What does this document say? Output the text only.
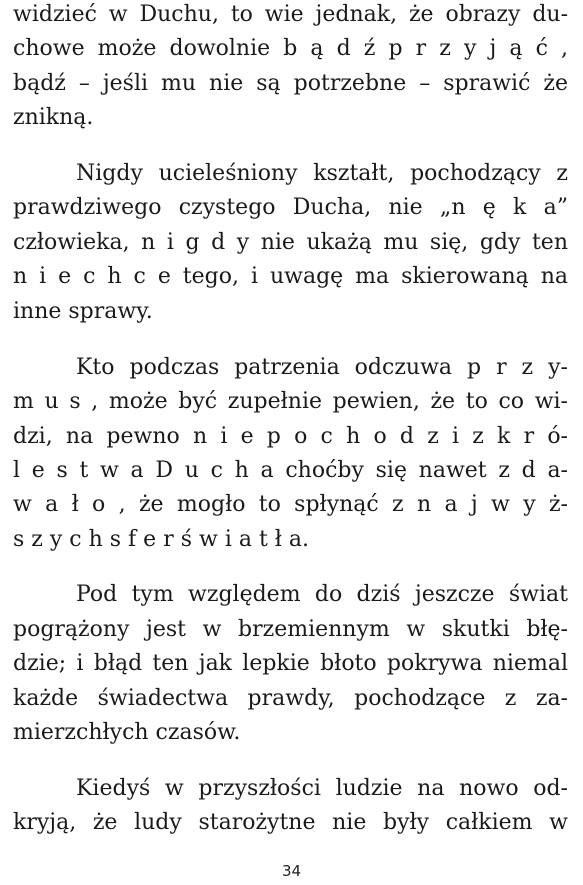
widzieć w Duchu, to wie jednak, że obrazy du-
chowe może dowolnie b ą d ź p r z y j ą ć ,
bądź – jeśli mu nie są potrzebne – sprawić że
znikną.
Nigdy ucieleśniony kształt, pochodzący z
prawdziwego czystego Ducha, nie „n ę k a”
człowieka, n i g d y nie ukażą mu się, gdy ten
n i e c h c e tego, i uwagę ma skierowaną na
inne sprawy.
Kto podczas patrzenia odczuwa p r z y-
m u s , może być zupełnie pewien, że to co wi-
dzi, na pewno n i e p o c h o d z i z k r ó-
l e s t w a D u c h a choćby się nawet z d a-
w a ł o , że mogło to spłynąć z n a j w y ż-
s z y c h s f e r ś w i a t ł a.
Pod tym względem do dziś jeszcze świat
pogrążony jest w brzemiennym w skutki błę-
dzie; i błąd ten jak lepkie błoto pokrywa niemal
każde świadectwa prawdy, pochodzące z za-
mierzchłych czasów.
Kiedyś w przyszłości ludzie na nowo od-
kryją, że ludy starożytne nie były całkiem w
34
